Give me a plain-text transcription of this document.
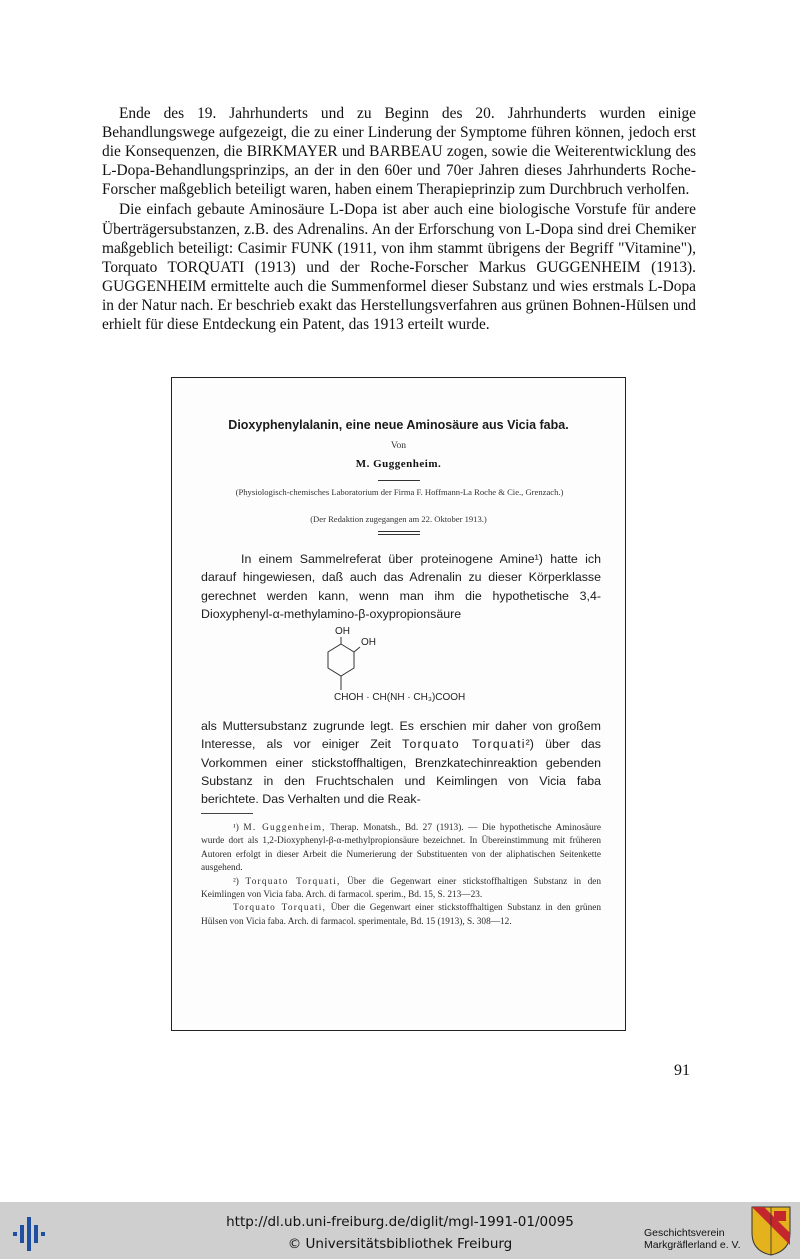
Ende des 19. Jahrhunderts und zu Beginn des 20. Jahrhunderts wurden einige Behandlungswege aufgezeigt, die zu einer Linderung der Symptome führen können, jedoch erst die Konsequenzen, die BIRKMAYER und BARBEAU zogen, sowie die Weiterentwicklung des L-Dopa-Behandlungsprinzips, an der in den 60er und 70er Jahren dieses Jahrhunderts Roche-Forscher maßgeblich beteiligt waren, haben einem Therapieprinzip zum Durchbruch verholfen.

Die einfach gebaute Aminosäure L-Dopa ist aber auch eine biologische Vorstufe für andere Überträgersubstanzen, z.B. des Adrenalins. An der Erforschung von L-Dopa sind drei Chemiker maßgeblich beteiligt: Casimir FUNK (1911, von ihm stammt übrigens der Begriff "Vitamine"), Torquato TORQUATI (1913) und der Roche-Forscher Markus GUGGENHEIM (1913). GUGGENHEIM ermittelte auch die Summenformel dieser Substanz und wies erstmals L-Dopa in der Natur nach. Er beschrieb exakt das Herstellungsverfahren aus grünen Bohnen-Hülsen und erhielt für diese Entdeckung ein Patent, das 1913 erteilt wurde.

Dioxyphenylalanin, eine neue Aminosäure aus Vicia faba.
Von
M. Guggenheim.
(Physiologisch-chemisches Laboratorium der Firma F. Hoffmann-La Roche & Cie., Grenzach.)
(Der Redaktion zugegangen am 22. Oktober 1913.)
In einem Sammelreferat über proteinogene Amine¹) hatte ich darauf hingewiesen, daß auch das Adrenalin zu dieser Körperklasse gerechnet werden kann, wenn man ihm die hypothetische 3,4-Dioxyphenyl-α-methylamino-β-oxypropionsäure
OH
OH
CHOH · CH(NH · CH₃)COOH
als Muttersubstanz zugrunde legt. Es erschien mir daher von großem Interesse, als vor einiger Zeit Torquato Torquati²) über das Vorkommen einer stickstoffhaltigen, Brenzkatechinreaktion gebenden Substanz in den Fruchtschalen und Keimlingen von Vicia faba berichtete. Das Verhalten und die Reak-

¹) M. Guggenheim, Therap. Monatsh., Bd. 27 (1913). — Die hypothetische Aminosäure wurde dort als 1,2-Dioxyphenyl-β-α-methylpropionsäure bezeichnet. In Übereinstimmung mit früheren Autoren erfolgt in dieser Arbeit die Numerierung der Substituenten von der aliphatischen Seitenkette ausgehend.

²) Torquato Torquati, Über die Gegenwart einer stickstoffhaltigen Substanz in den Keimlingen von Vicia faba. Arch. di farmacol. sperim., Bd. 15, S. 213—23.

Torquato Torquati, Über die Gegenwart einer stickstoffhaltigen Substanz in den grünen Hülsen von Vicia faba. Arch. di farmacol. sperimentale, Bd. 15 (1913), S. 308—12.

91
http://dl.ub.uni-freiburg.de/diglit/mgl-1991-01/0095
© Universitätsbibliothek Freiburg
Geschichtsverein
Markgräflerland e. V.
